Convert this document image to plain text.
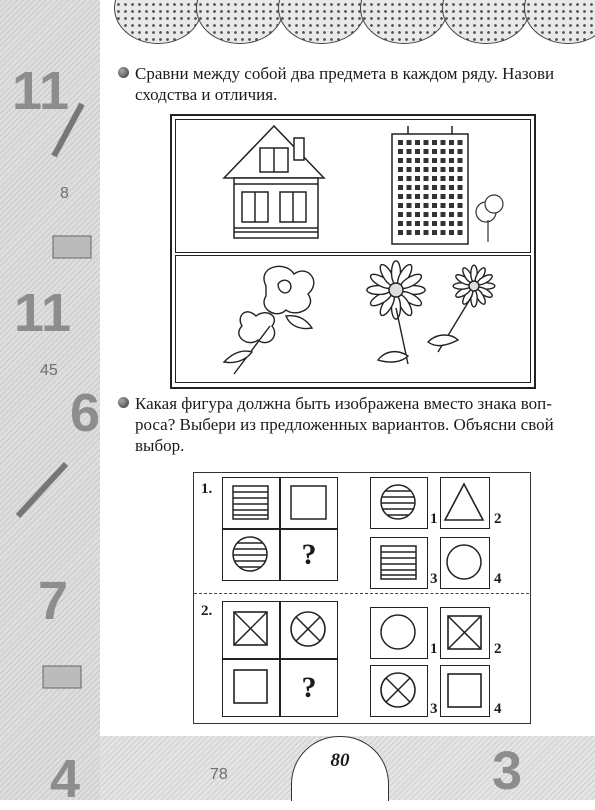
11
8
11
45
6
7
4	78	3
80
Сравни между собой два предмета в каждом ряду. Назови
сходства и отличия.
Какая фигура должна быть изображена вместо знака воп-
роса? Выбери из предложенных вариантов. Объясни свой
выбор.
1.
?
1	2
3	4
2.
?
1	2
3	4
